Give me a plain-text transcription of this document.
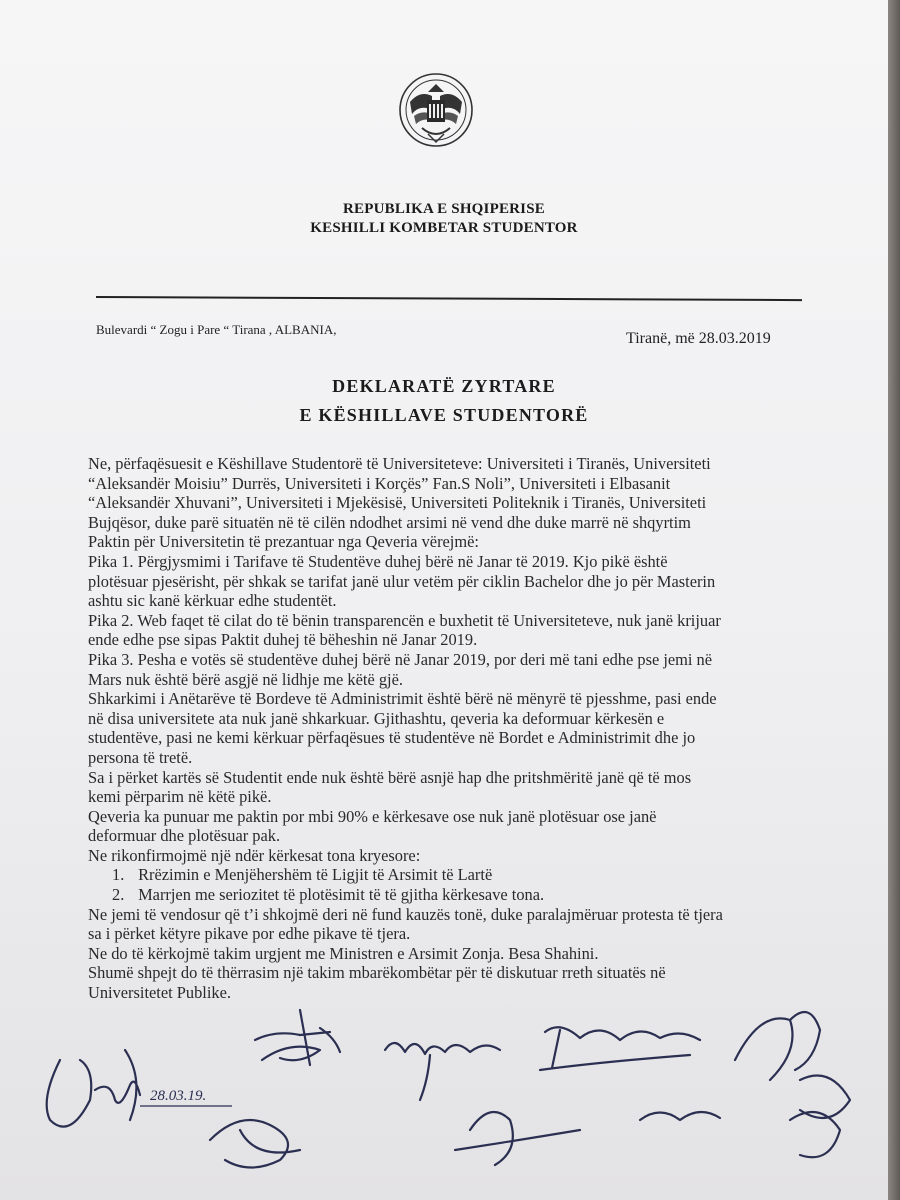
REPUBLIKA E SHQIPERISE
KESHILLI KOMBETAR STUDENTOR
Bulevardi “ Zogu i Pare “ Tirana , ALBANIA,
Tiranë, më 28.03.2019
DEKLARATË ZYRTARE
E KËSHILLAVE STUDENTORË
Ne, përfaqësuesit e Këshillave Studentorë të Universiteteve: Universiteti i Tiranës, Universiteti
“Aleksandër Moisiu” Durrës, Universiteti i Korçës” Fan.S Noli”, Universiteti i Elbasanit
“Aleksandër Xhuvani”, Universiteti i Mjekësisë, Universiteti Politeknik i Tiranës, Universiteti
Bujqësor, duke parë situatën në të cilën ndodhet arsimi në vend dhe duke marrë në shqyrtim
Paktin për Universitetin të prezantuar nga Qeveria vërejmë:
Pika 1. Përgjysmimi i Tarifave të Studentëve duhej bërë në Janar të 2019. Kjo pikë është
plotësuar pjesërisht, për shkak se tarifat janë ulur vetëm për ciklin Bachelor dhe jo për Masterin
ashtu sic kanë kërkuar edhe studentët.
Pika 2. Web faqet të cilat do të bënin transparencën e buxhetit të Universiteteve, nuk janë krijuar
ende edhe pse sipas Paktit duhej të bëheshin në Janar 2019.
Pika 3. Pesha e votës së studentëve duhej bërë në Janar 2019, por deri më tani edhe pse jemi në
Mars nuk është bërë asgjë në lidhje me këtë gjë.
Shkarkimi i Anëtarëve të Bordeve të Administrimit është bërë në mënyrë të pjesshme, pasi ende
në disa universitete ata nuk janë shkarkuar. Gjithashtu, qeveria ka deformuar kërkesën e
studentëve, pasi ne kemi kërkuar përfaqësues të studentëve në Bordet e Administrimit dhe jo
persona të tretë.
Sa i përket kartës së Studentit ende nuk është bërë asnjë hap dhe pritshmëritë janë që të mos
kemi përparim në këtë pikë.
Qeveria ka punuar me paktin por mbi 90% e kërkesave ose nuk janë plotësuar ose janë
deformuar dhe plotësuar pak.
Ne rikonfirmojmë një ndër kërkesat tona kryesore:
1. Rrëzimin e Menjëhershëm të Ligjit të Arsimit të Lartë
2. Marrjen me seriozitet të plotësimit të të gjitha kërkesave tona.
Ne jemi të vendosur që t’i shkojmë deri në fund kauzës tonë, duke paralajmëruar protesta të tjera
sa i përket këtyre pikave por edhe pikave të tjera.
Ne do të kërkojmë takim urgjent me Ministren e Arsimit Zonja. Besa Shahini.
Shumë shpejt do të thërrasim një takim mbarëkombëtar për të diskutuar rreth situatës në
Universitetet Publike.
28.03.19.
